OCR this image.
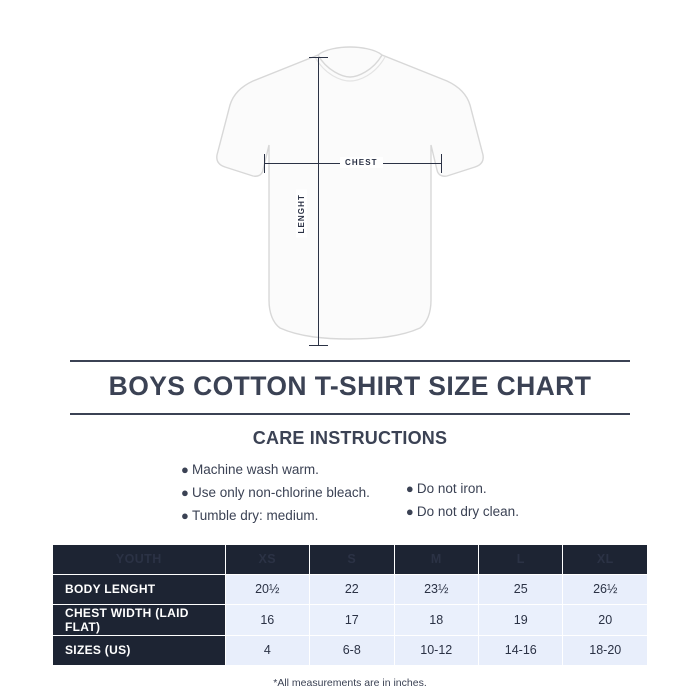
LENGHT
CHEST
BOYS COTTON T-SHIRT SIZE CHART
CARE INSTRUCTIONS
● Machine wash warm.
● Use only non-chlorine bleach.
● Tumble dry: medium.
● Do not iron.
● Do not dry clean.
YOUTH	XS	S	M	L	XL
BODY LENGHT	20½	22	23½	25	26½
CHEST WIDTH (LAID FLAT)	16	17	18	19	20
SIZES (US)	4	6-8	10-12	14-16	18-20
*All measurements are in inches.
